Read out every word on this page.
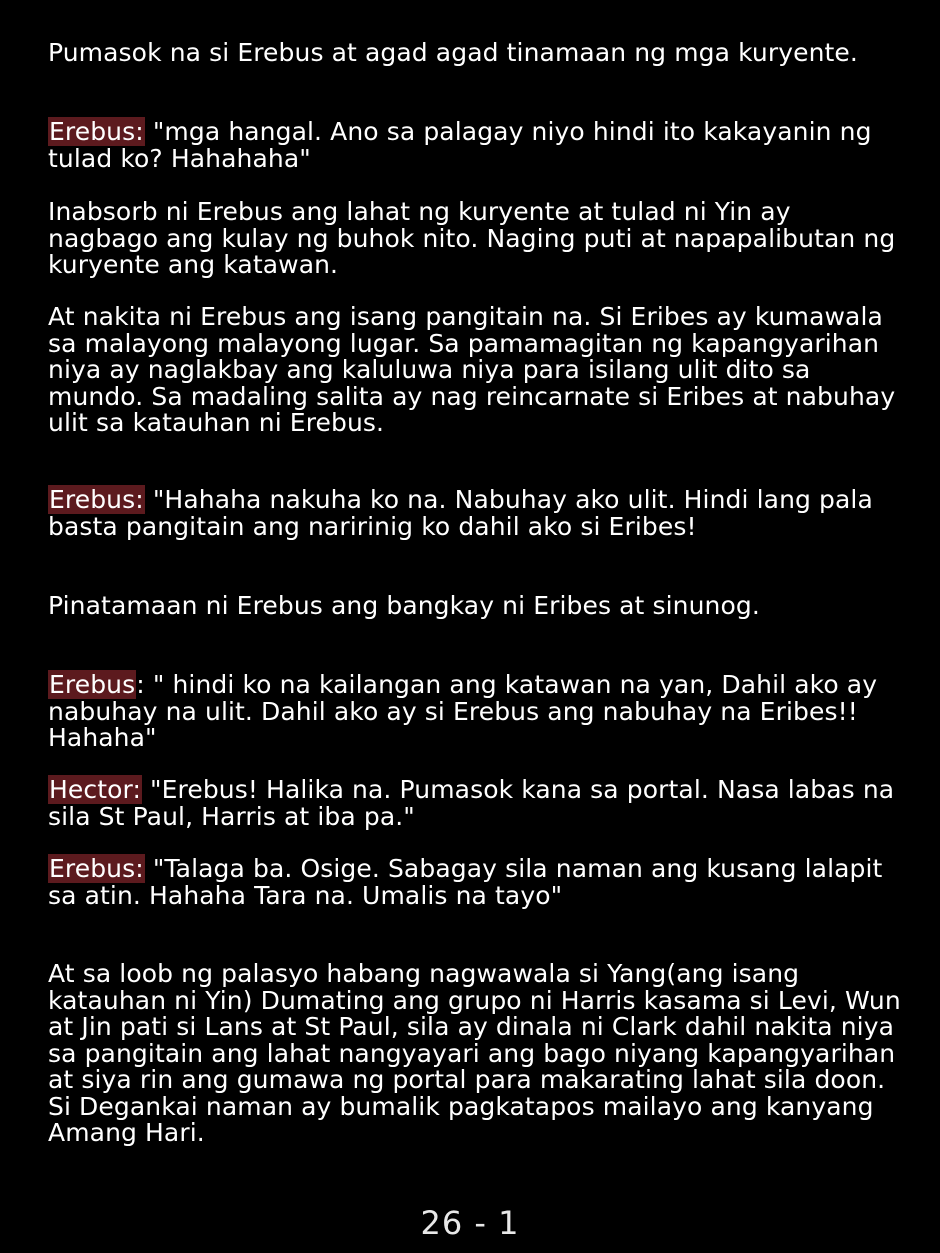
Pumasok na si Erebus at agad agad tinamaan ng mga kuryente.

Erebus: "mga hangal. Ano sa palagay niyo hindi ito kakayanin ng tulad ko? Hahahaha"

Inabsorb ni Erebus ang lahat ng kuryente at tulad ni Yin ay nagbago ang kulay ng buhok nito. Naging puti at napapalibutan ng kuryente ang katawan.

At nakita ni Erebus ang isang pangitain na. Si Eribes ay kumawala sa malayong malayong lugar. Sa pamamagitan ng kapangyarihan niya ay naglakbay ang kaluluwa niya para isilang ulit dito sa mundo. Sa madaling salita ay nag reincarnate si Eribes at nabuhay ulit sa katauhan ni Erebus.

Erebus: "Hahaha nakuha ko na. Nabuhay ako ulit. Hindi lang pala basta pangitain ang naririnig ko dahil ako si Eribes!

Pinatamaan ni Erebus ang bangkay ni Eribes at sinunog.

Erebus: " hindi ko na kailangan ang katawan na yan, Dahil ako ay nabuhay na ulit. Dahil ako ay si Erebus ang nabuhay na Eribes!! Hahaha"

Hector: "Erebus! Halika na. Pumasok kana sa portal. Nasa labas na sila St Paul, Harris at iba pa."

Erebus: "Talaga ba. Osige. Sabagay sila naman ang kusang lalapit sa atin. Hahaha Tara na. Umalis na tayo"

At sa loob ng palasyo habang nagwawala si Yang(ang isang katauhan ni Yin) Dumating ang grupo ni Harris kasama si Levi, Wun at Jin pati si Lans at St Paul, sila ay dinala ni Clark dahil nakita niya sa pangitain ang lahat nangyayari ang bago niyang kapangyarihan at siya rin ang gumawa ng portal para makarating lahat sila doon. Si Degankai naman ay bumalik pagkatapos mailayo ang kanyang Amang Hari.

26 - 1
